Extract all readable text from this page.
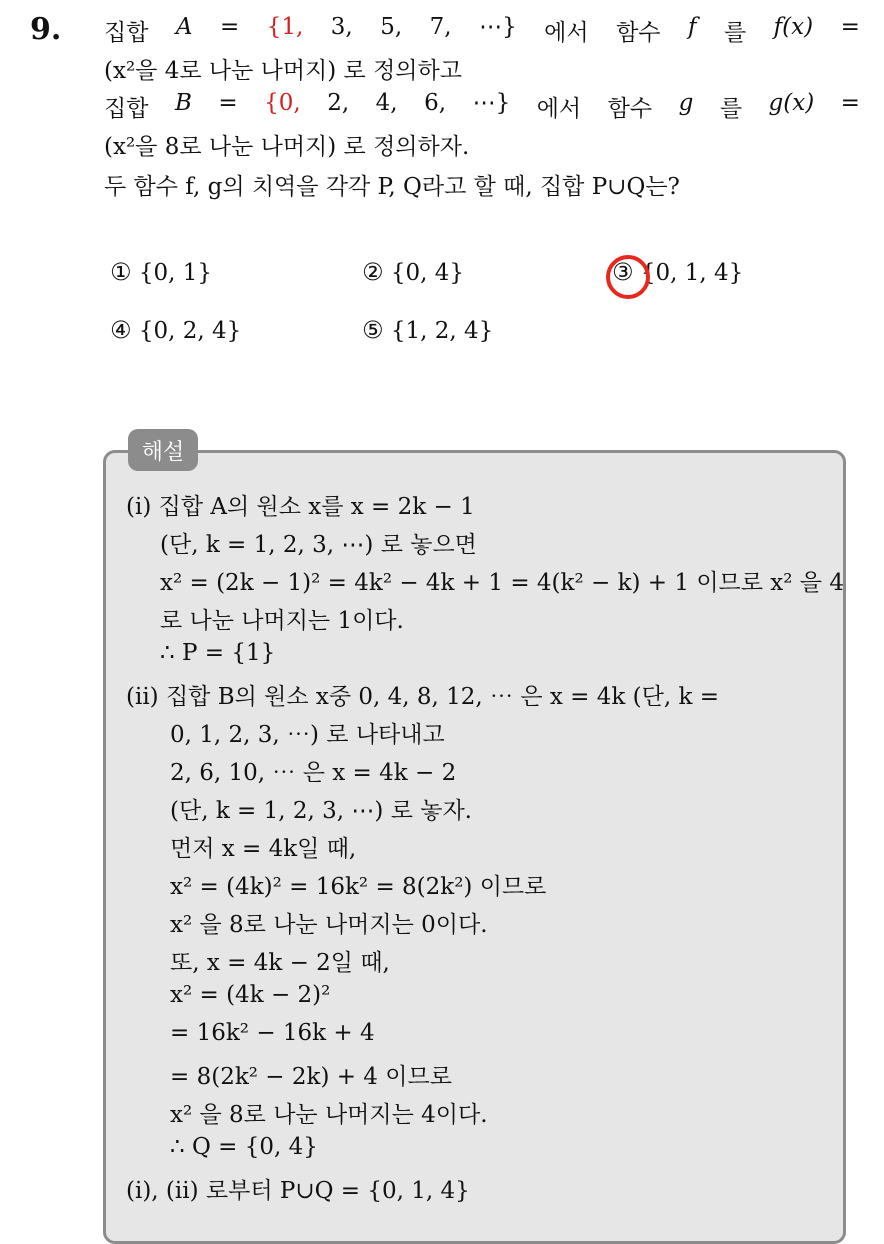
9. 집합 A = {1, 3, 5, 7, ⋯} 에서 함수 f 를 f(x) =
(x²을 4로 나눈 나머지) 로 정의하고
집합 B = {0, 2, 4, 6, ⋯} 에서 함수 g 를 g(x) =
(x²을 8로 나눈 나머지) 로 정의하자.
두 함수 f, g의 치역을 각각 P, Q라고 할 때, 집합 P∪Q는?
① {0, 1}	② {0, 4}	③ {0, 1, 4}
④ {0, 2, 4}	⑤ {1, 2, 4}
해설
(i) 집합 A의 원소 x를 x = 2k − 1
(단, k = 1, 2, 3, ⋯) 로 놓으면
x² = (2k − 1)² = 4k² − 4k + 1 = 4(k² − k) + 1 이므로 x² 을 4
로 나눈 나머지는 1이다.
∴ P = {1}
(ii) 집합 B의 원소 x중 0, 4, 8, 12, ⋯ 은 x = 4k (단, k =
0, 1, 2, 3, ⋯) 로 나타내고
2, 6, 10, ⋯ 은 x = 4k − 2
(단, k = 1, 2, 3, ⋯) 로 놓자.
먼저 x = 4k일 때,
x² = (4k)² = 16k² = 8(2k²) 이므로
x² 을 8로 나눈 나머지는 0이다.
또, x = 4k − 2일 때,
x² = (4k − 2)²
= 16k² − 16k + 4
= 8(2k² − 2k) + 4 이므로
x² 을 8로 나눈 나머지는 4이다.
∴ Q = {0, 4}
(i), (ii) 로부터 P∪Q = {0, 1, 4}
